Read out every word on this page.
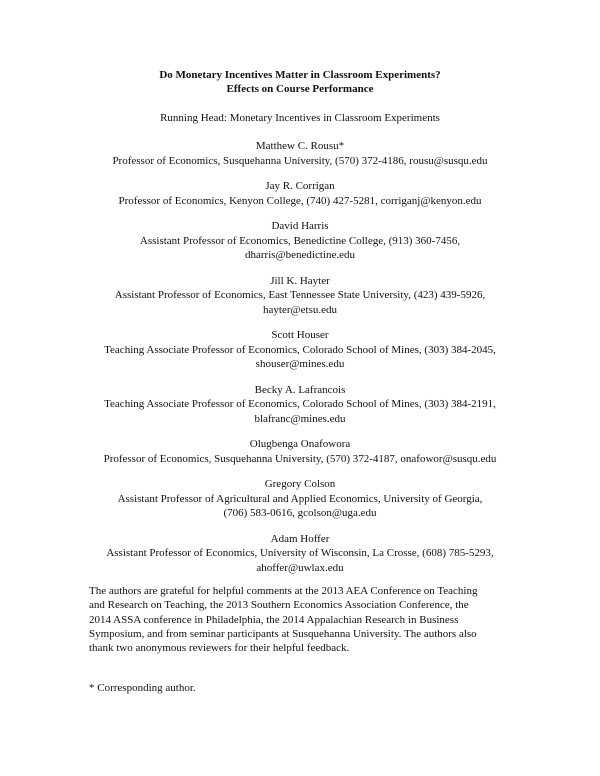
Do Monetary Incentives Matter in Classroom Experiments?
Effects on Course Performance
Running Head: Monetary Incentives in Classroom Experiments
Matthew C. Rousu*
Professor of Economics, Susquehanna University, (570) 372-4186, rousu@susqu.edu
Jay R. Corrigan
Professor of Economics, Kenyon College, (740) 427-5281, corriganj@kenyon.edu
David Harris
Assistant Professor of Economics, Benedictine College, (913) 360-7456,
dharris@benedictine.edu
Jill K. Hayter
Assistant Professor of Economics, East Tennessee State University, (423) 439-5926,
hayter@etsu.edu
Scott Houser
Teaching Associate Professor of Economics, Colorado School of Mines, (303) 384-2045,
shouser@mines.edu
Becky A. Lafrancois
Teaching Associate Professor of Economics, Colorado School of Mines, (303) 384-2191,
blafranc@mines.edu
Olugbenga Onafowora
Professor of Economics, Susquehanna University, (570) 372-4187, onafowor@susqu.edu
Gregory Colson
Assistant Professor of Agricultural and Applied Economics, University of Georgia,
(706) 583-0616, gcolson@uga.edu
Adam Hoffer
Assistant Professor of Economics, University of Wisconsin, La Crosse, (608) 785-5293,
ahoffer@uwlax.edu
The authors are grateful for helpful comments at the 2013 AEA Conference on Teaching
and Research on Teaching, the 2013 Southern Economics Association Conference, the
2014 ASSA conference in Philadelphia, the 2014 Appalachian Research in Business
Symposium, and from seminar participants at Susquehanna University. The authors also
thank two anonymous reviewers for their helpful feedback.
* Corresponding author.
